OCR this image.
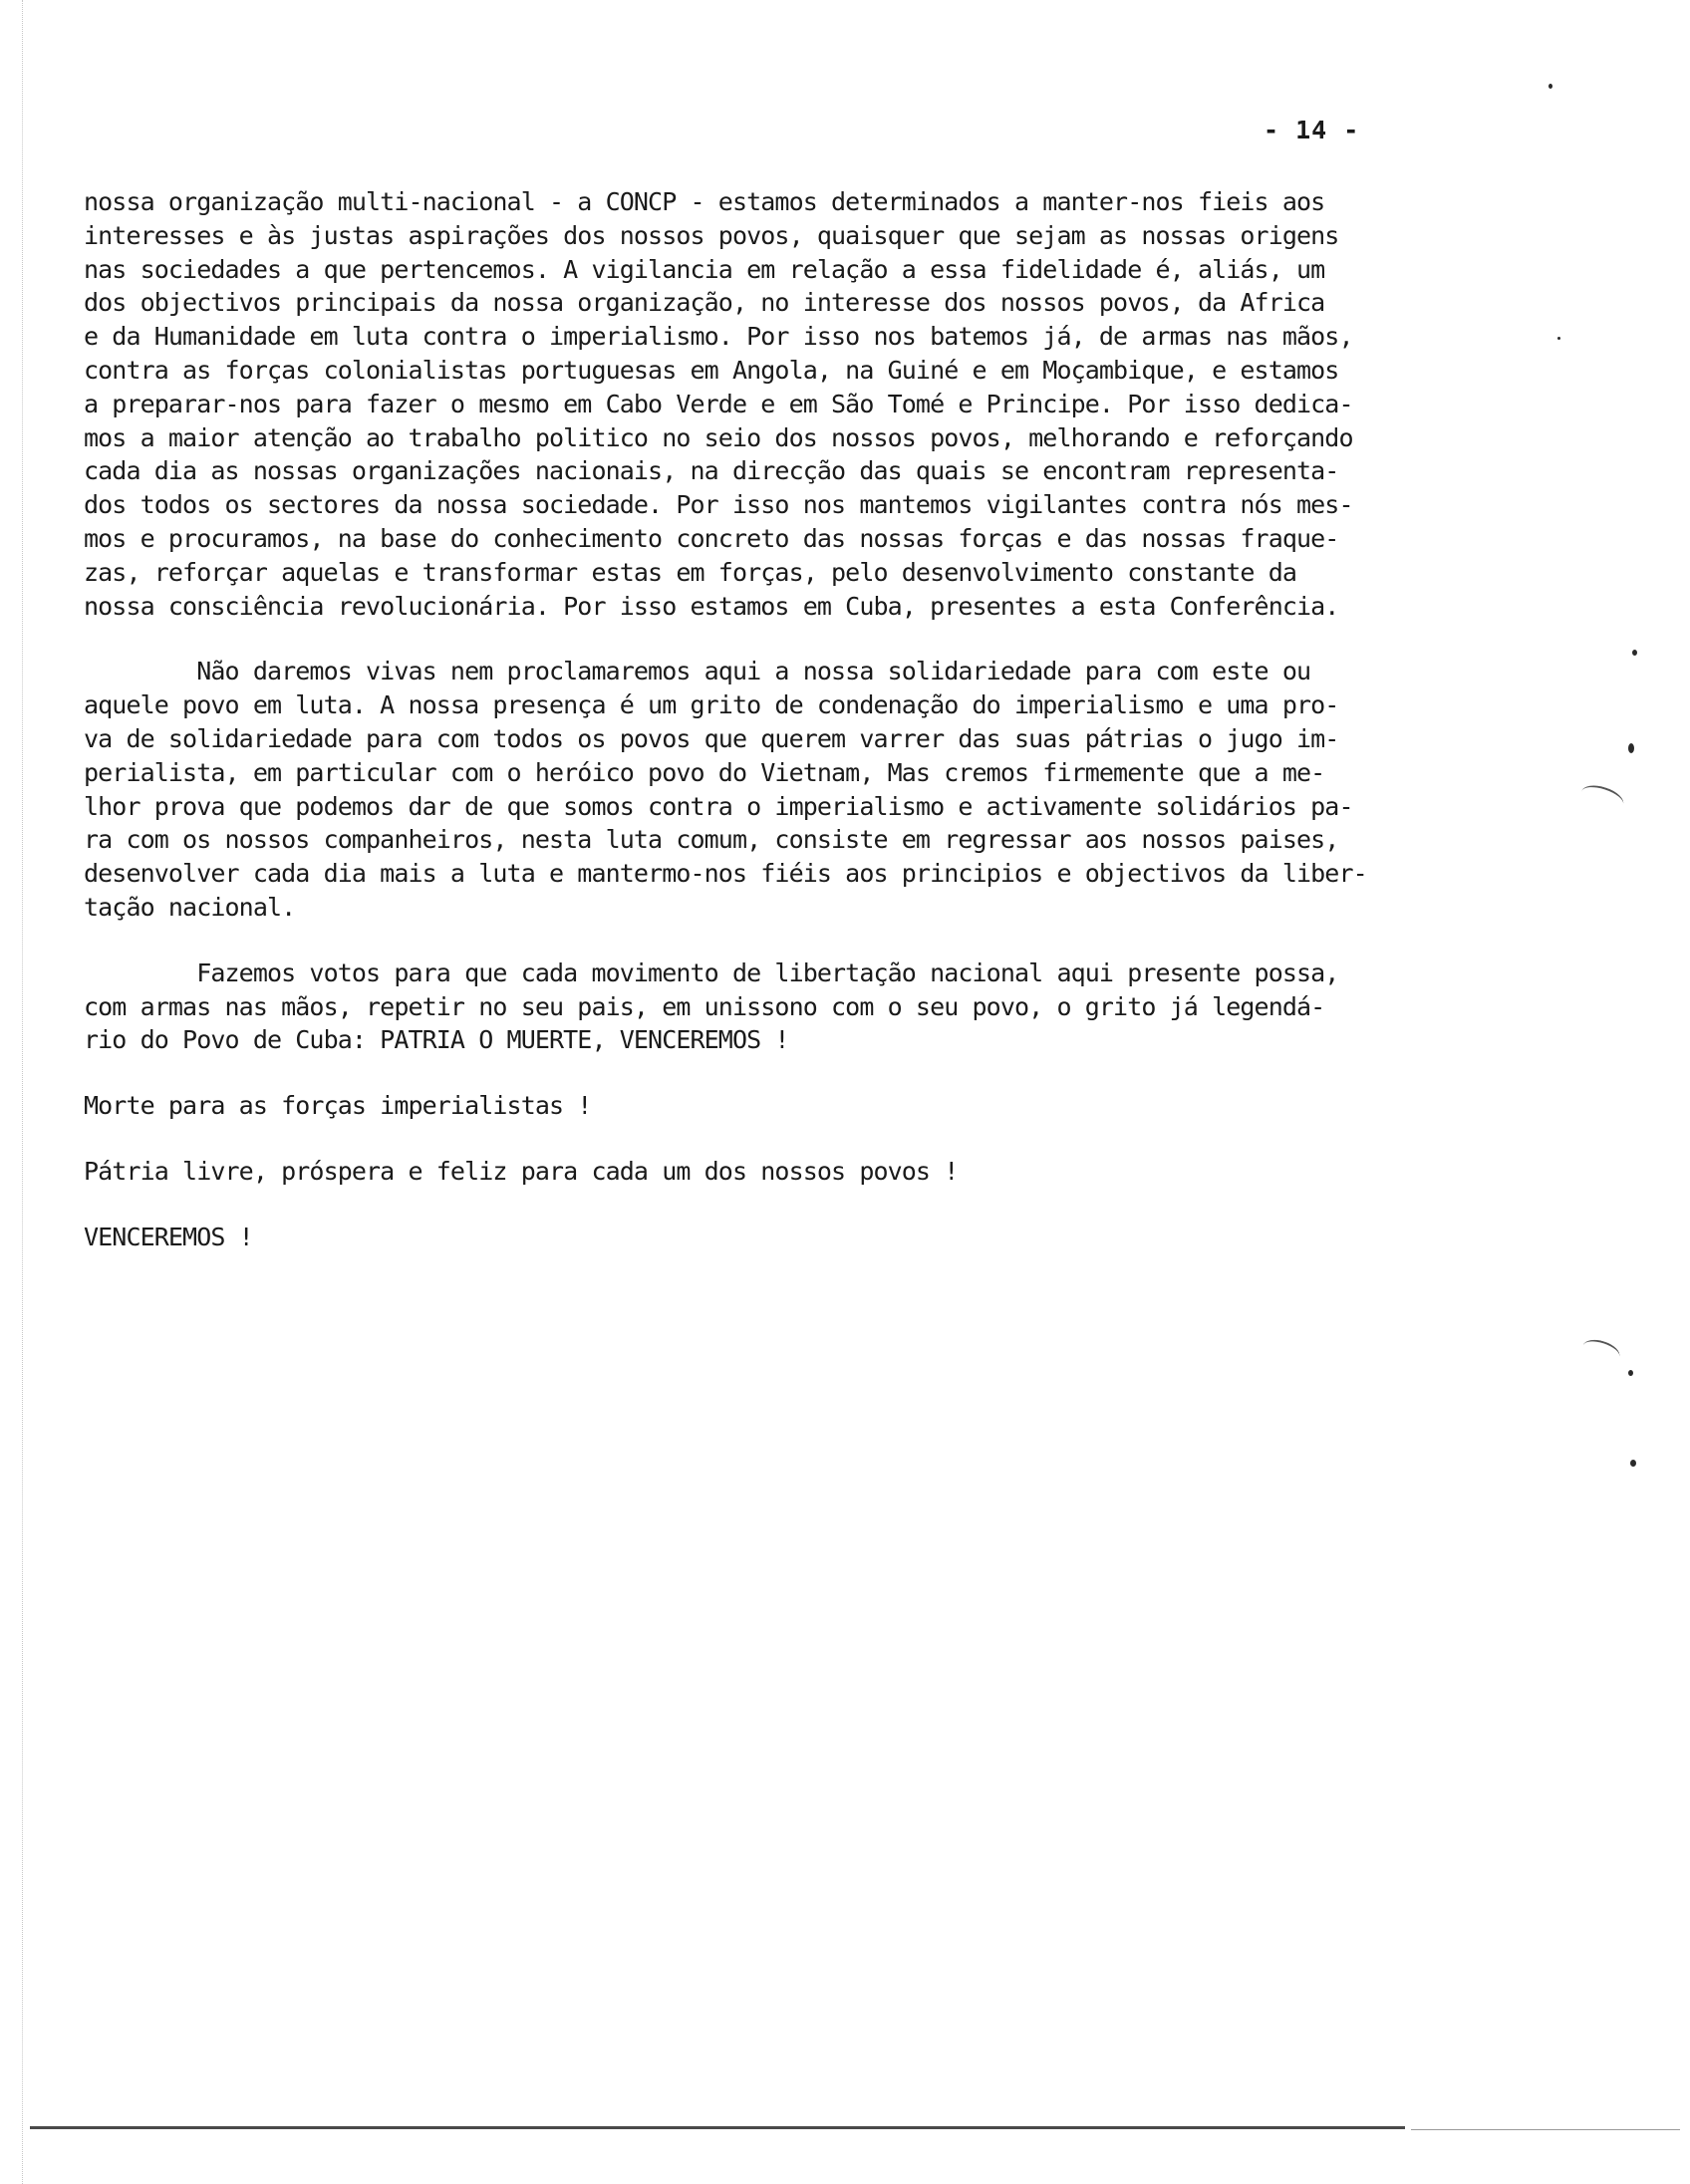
- 14 -
nossa organização multi-nacional - a CONCP - estamos determinados a manter-nos fieis aos
interesses e às justas aspirações dos nossos povos, quaisquer que sejam as nossas origens
nas sociedades a que pertencemos. A vigilancia em relação a essa fidelidade é, aliás, um
dos objectivos principais da nossa organização, no interesse dos nossos povos, da Africa
e da Humanidade em luta contra o imperialismo. Por isso nos batemos já, de armas nas mãos,
contra as forças colonialistas portuguesas em Angola, na Guiné e em Moçambique, e estamos
a preparar-nos para fazer o mesmo em Cabo Verde e em São Tomé e Principe. Por isso dedica-
mos a maior atenção ao trabalho politico no seio dos nossos povos, melhorando e reforçando
cada dia as nossas organizações nacionais, na direcção das quais se encontram representa-
dos todos os sectores da nossa sociedade. Por isso nos mantemos vigilantes contra nós mes-
mos e procuramos, na base do conhecimento concreto das nossas forças e das nossas fraque-
zas, reforçar aquelas e transformar estas em forças, pelo desenvolvimento constante da
nossa consciência revolucionária. Por isso estamos em Cuba, presentes a esta Conferência.
Não daremos vivas nem proclamaremos aqui a nossa solidariedade para com este ou
aquele povo em luta. A nossa presença é um grito de condenação do imperialismo e uma pro-
va de solidariedade para com todos os povos que querem varrer das suas pátrias o jugo im-
perialista, em particular com o heróico povo do Vietnam, Mas cremos firmemente que a me-
lhor prova que podemos dar de que somos contra o imperialismo e activamente solidários pa-
ra com os nossos companheiros, nesta luta comum, consiste em regressar aos nossos paises,
desenvolver cada dia mais a luta e mantermo-nos fiéis aos principios e objectivos da liber-
tação nacional.
Fazemos votos para que cada movimento de libertação nacional aqui presente possa,
com armas nas mãos, repetir no seu pais, em unissono com o seu povo, o grito já legendá-
rio do Povo de Cuba: PATRIA O MUERTE, VENCEREMOS !
Morte para as forças imperialistas !
Pátria livre, próspera e feliz para cada um dos nossos povos !
VENCEREMOS !
